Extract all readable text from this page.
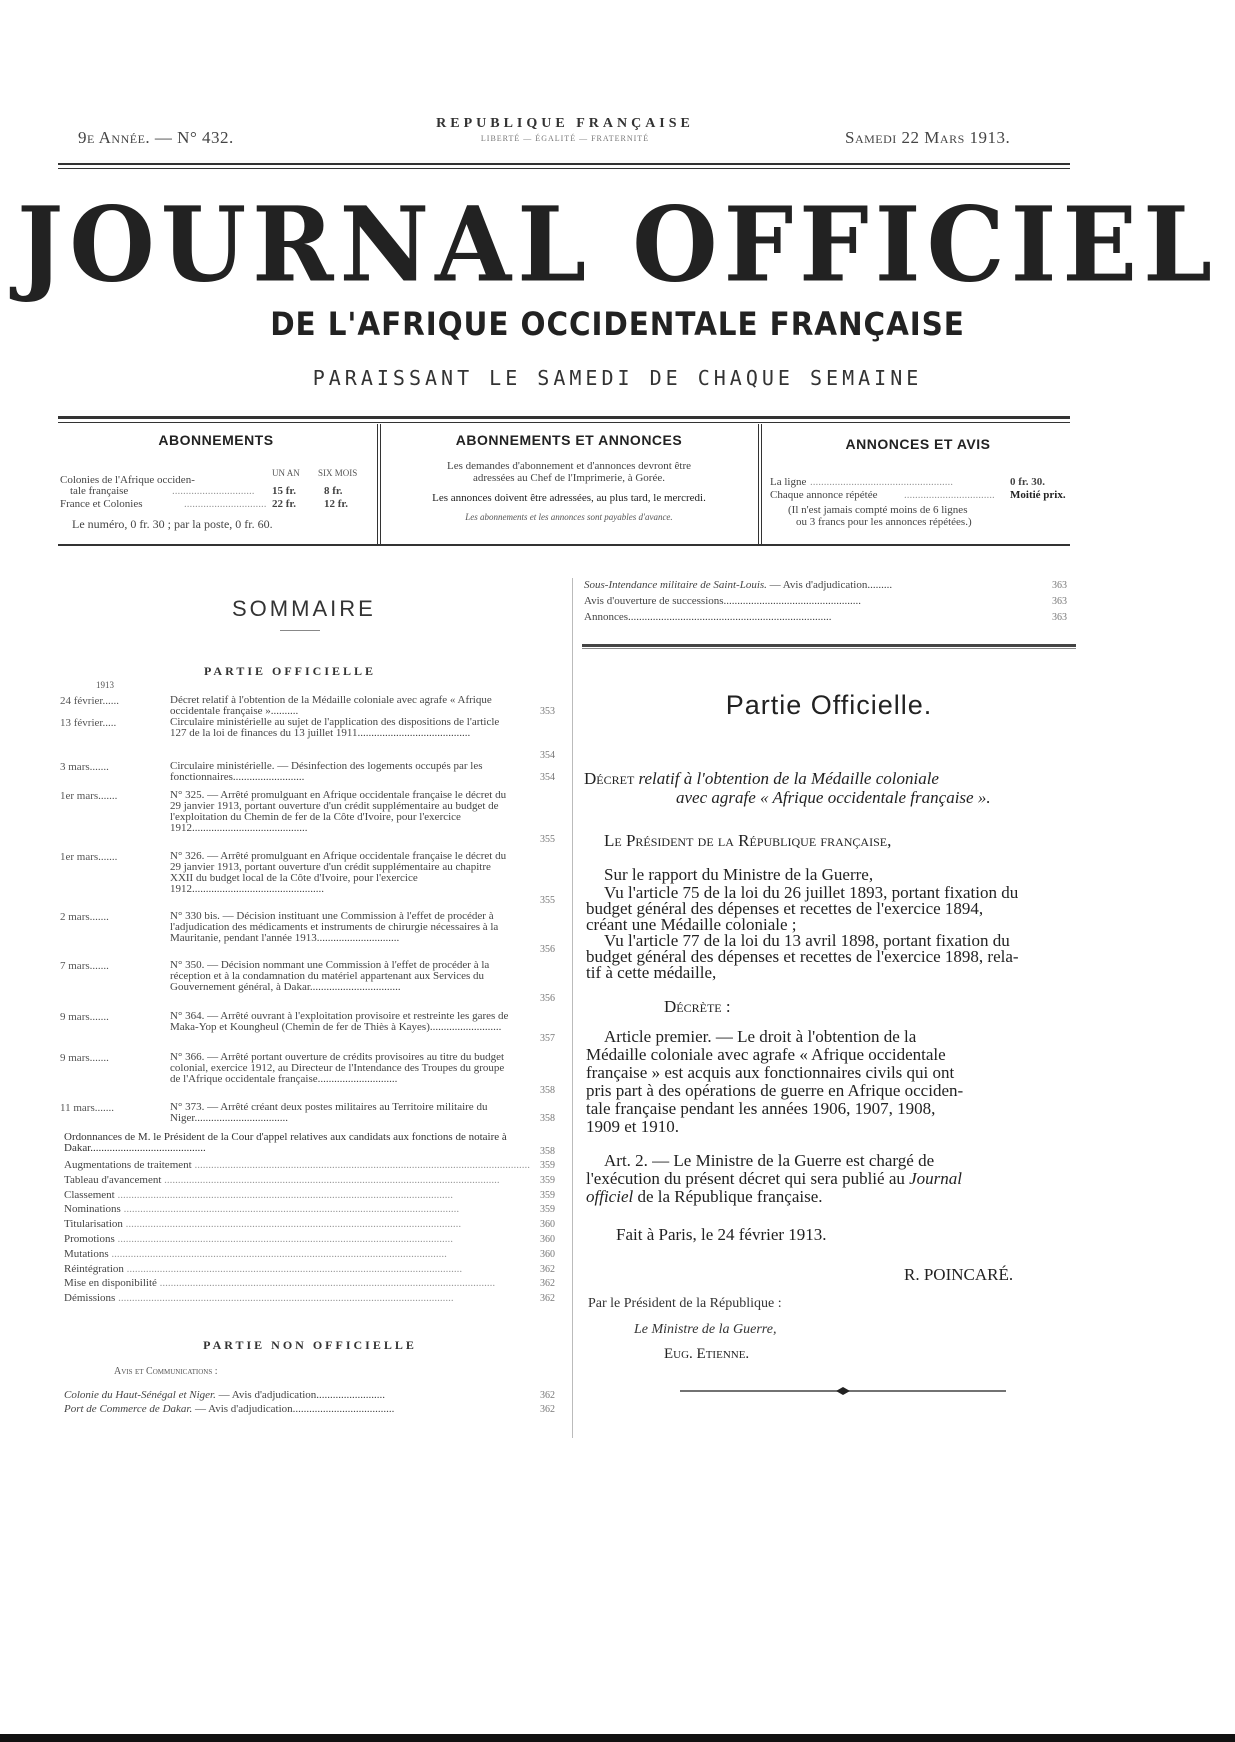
9e Année. — N° 432.
REPUBLIQUE FRANÇAISE
LIBERTÉ — ÉGALITÉ — FRATERNITÉ	Samedi 22 Mars 1913.
JOURNAL OFFICIEL
DE L'AFRIQUE OCCIDENTALE FRANÇAISE
PARAISSANT LE SAMEDI DE CHAQUE SEMAINE
ABONNEMENTS
UN AN SIX MOIS
Colonies de l'Afrique occiden-
tale française	..............................	15 fr.	8 fr.
France et Colonies	.............................. 22 fr.	12 fr.
Le numéro, 0 fr. 30 ; par la poste, 0 fr. 60.
ABONNEMENTS ET ANNONCES
Les demandes d'abonnement et d'annonces devront être
adressées au Chef de l'Imprimerie, à Gorée.
Les annonces doivent être adressées, au plus tard, le mercredi.
Les abonnements et les annonces sont payables d'avance.
ANNONCES ET AVIS
La ligne ....................................................	0 fr. 30.
Chaque annonce répétée .................................	Moitié prix.
(Il n'est jamais compté moins de 6 lignes
ou 3 francs pour les annonces répétées.)
SOMMAIRE
PARTIE OFFICIELLE
1913
24 février......	Décret relatif à l'obtention de la Médaille coloniale avec agrafe « Afrique occidentale française »..........	353
13 février.....	Circulaire ministérielle au sujet de l'application des dispositions de l'article 127 de la loi de finances du 13 juillet 1911.........................................
354
3 mars.......	Circulaire ministérielle. — Désinfection des logements occupés par les fonctionnaires..........................	354
1er mars.......	N° 325. — Arrêté promulguant en Afrique occidentale française le décret du 29 janvier 1913, portant ouverture d'un crédit supplémentaire au budget de l'exploitation du Chemin de fer de la Côte d'Ivoire, pour l'exercice 1912..........................................
355
1er mars.......	N° 326. — Arrêté promulguant en Afrique occidentale française le décret du 29 janvier 1913, portant ouverture d'un crédit supplémentaire au chapitre XXII du budget local de la Côte d'Ivoire, pour l'exercice 1912................................................
355
2 mars.......	N° 330 bis. — Décision instituant une Commission à l'effet de procéder à l'adjudication des médicaments et instruments de chirurgie nécessaires à la Mauritanie, pendant l'année 1913..............................
356
7 mars.......	N° 350. — Décision nommant une Commission à l'effet de procéder à la réception et à la condamnation du matériel appartenant aux Services du Gouvernement général, à Dakar.................................
356
9 mars.......	N° 364. — Arrêté ouvrant à l'exploitation provisoire et restreinte les gares de Maka-Yop et Koungheul (Chemin de fer de Thiès à Kayes)..........................
357
9 mars.......	N° 366. — Arrêté portant ouverture de crédits provisoires au titre du budget colonial, exercice 1912, au Directeur de l'Intendance des Troupes du groupe de l'Afrique occidentale française.............................
358
11 mars.......	N° 373. — Arrêté créant deux postes militaires au Territoire militaire du Niger..................................	358
Ordonnances de M. le Président de la Cour d'appel relatives aux candidats aux fonctions de notaire à Dakar..........................................	358
Augmentations de traitement ..........................................................................................................................	359
Tableau d'avancement ..........................................................................................................................	359
Classement ..........................................................................................................................	359
Nominations ..........................................................................................................................	359
Titularisation ..........................................................................................................................	360
Promotions ..........................................................................................................................	360
Mutations ..........................................................................................................................	360
Réintégration ..........................................................................................................................	362
Mise en disponibilité ..........................................................................................................................	362
Démissions ..........................................................................................................................	362
PARTIE NON OFFICIELLE
Avis et Communications :
Colonie du Haut-Sénégal et Niger. — Avis d'adjudication.........................	362
Port de Commerce de Dakar. — Avis d'adjudication.....................................	362
Sous-Intendance militaire de Saint-Louis. — Avis d'adjudication.........	363
Avis d'ouverture de successions..................................................	363
Annonces..........................................................................	363
Partie Officielle.
Décret relatif à l'obtention de la Médaille coloniale
avec agrafe « Afrique occidentale française ».
Le Président de la République française,
Sur le rapport du Ministre de la Guerre,
Vu l'article 75 de la loi du 26 juillet 1893, portant fixation du
budget général des dépenses et recettes de l'exercice 1894,
créant une Médaille coloniale ;
Vu l'article 77 de la loi du 13 avril 1898, portant fixation du
budget général des dépenses et recettes de l'exercice 1898, rela-
tif à cette médaille,
Décrète :
Article premier. — Le droit à l'obtention de la
Médaille coloniale avec agrafe « Afrique occidentale
française » est acquis aux fonctionnaires civils qui ont
pris part à des opérations de guerre en Afrique occiden-
tale française pendant les années 1906, 1907, 1908,
1909 et 1910.
Art. 2. — Le Ministre de la Guerre est chargé de
l'exécution du présent décret qui sera publié au Journal
officiel de la République française.
Fait à Paris, le 24 février 1913.
R. POINCARÉ.
Par le Président de la République :
Le Ministre de la Guerre,
Eug. Etienne.
